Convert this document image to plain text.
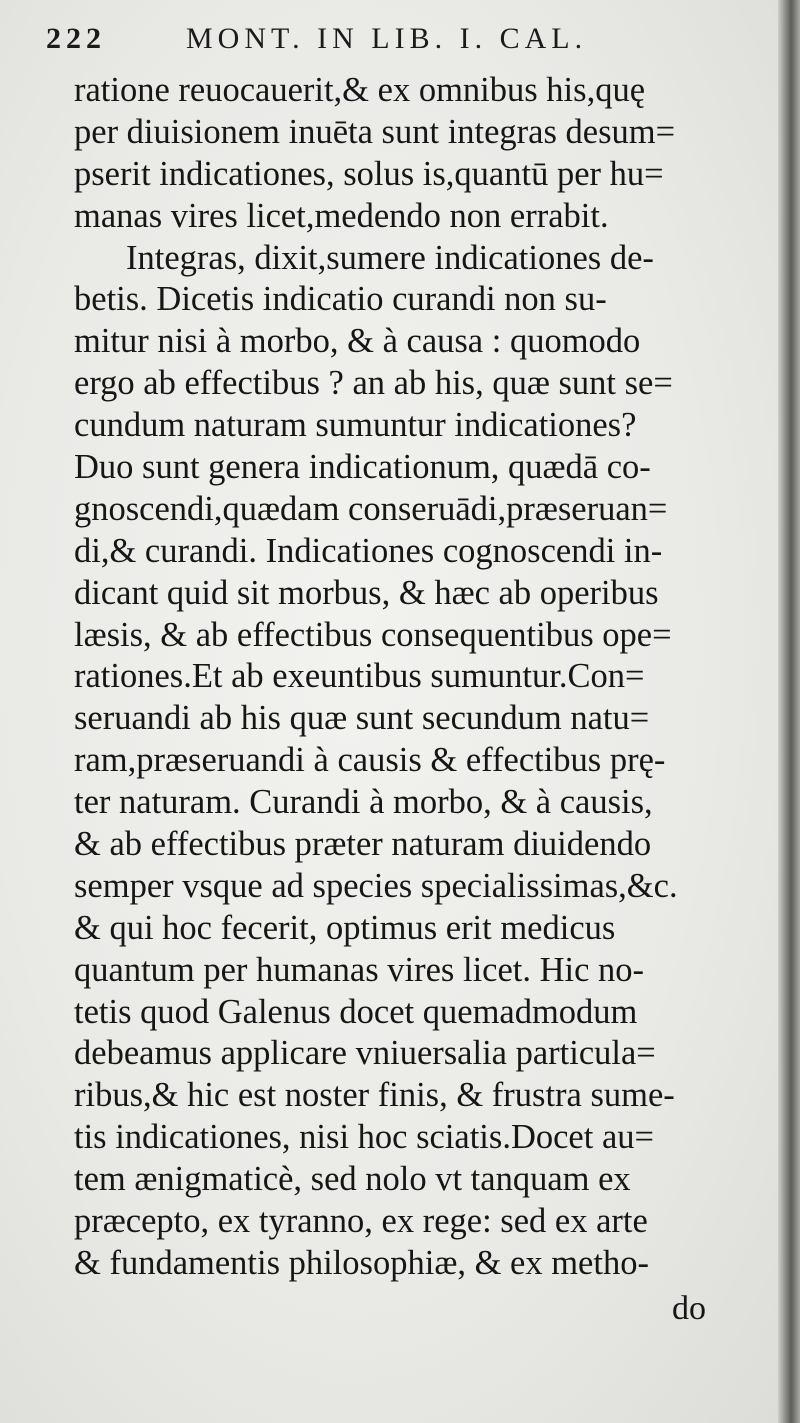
222	MONT. IN LIB. I. CAL.
ratione reuocauerit,& ex omnibus his,quę
per diuisionem inuēta sunt integras desum=
pserit indicationes, solus is,quantū per hu=
manas vires licet,medendo non errabit.
Integras, dixit,sumere indicationes de-
betis. Dicetis indicatio curandi non su-
mitur nisi à morbo, & à causa : quomodo
ergo ab effectibus ? an ab his, quæ sunt se=
cundum naturam sumuntur indicationes?
Duo sunt genera indicationum, quædā co-
gnoscendi,quædam conseruādi,præseruan=
di,& curandi. Indicationes cognoscendi in-
dicant quid sit morbus, & hæc ab operibus
læsis, & ab effectibus consequentibus ope=
rationes.Et ab exeuntibus sumuntur.Con=
seruandi ab his quæ sunt secundum natu=
ram,præseruandi à causis & effectibus prę-
ter naturam. Curandi à morbo, & à causis,
& ab effectibus præter naturam diuidendo
semper vsque ad species specialissimas,&c.
& qui hoc fecerit, optimus erit medicus
quantum per humanas vires licet. Hic no-
tetis quod Galenus docet quemadmodum
debeamus applicare vniuersalia particula=
ribus,& hic est noster finis, & frustra sume-
tis indicationes, nisi hoc sciatis.Docet au=
tem ænigmaticè, sed nolo vt tanquam ex
præcepto, ex tyranno, ex rege: sed ex arte
& fundamentis philosophiæ, & ex metho-
do
